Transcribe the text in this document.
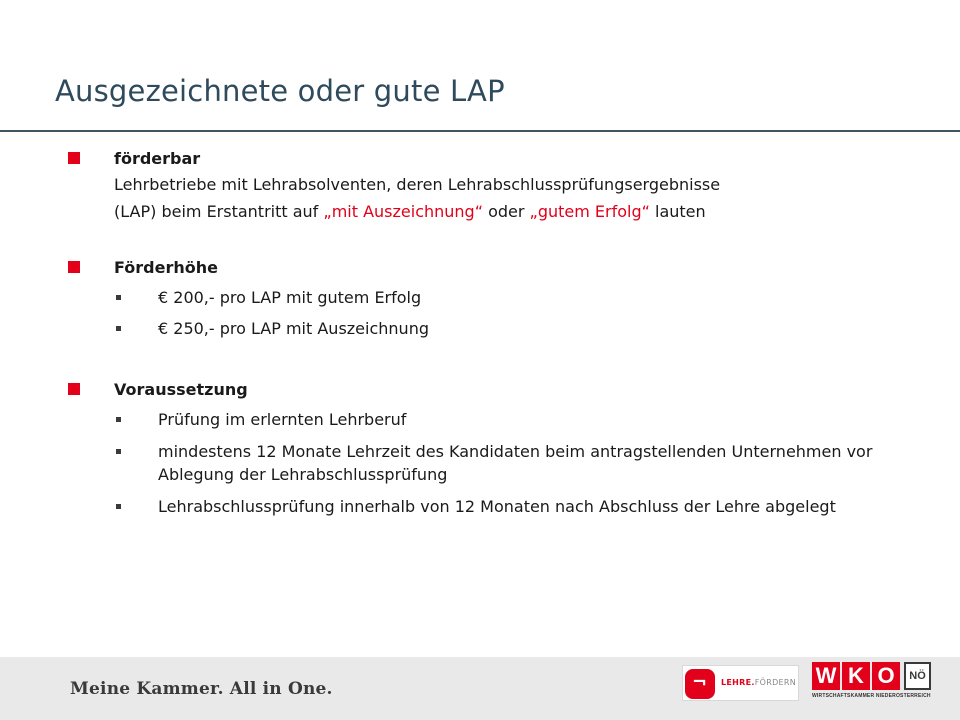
Ausgezeichnete oder gute LAP
förderbar
Lehrbetriebe mit Lehrabsolventen, deren Lehrabschlussprüfungsergebnisse
(LAP) beim Erstantritt auf „mit Auszeichnung“ oder „gutem Erfolg“ lauten
Förderhöhe
€ 200,- pro LAP mit gutem Erfolg
€ 250,- pro LAP mit Auszeichnung
Voraussetzung
Prüfung im erlernten Lehrberuf
mindestens 12 Monate Lehrzeit des Kandidaten beim antragstellenden Unternehmen vor Ablegung der Lehrabschlussprüfung
Lehrabschlussprüfung innerhalb von 12 Monaten nach Abschluss der Lehre abgelegt
Meine Kammer. All in One.	¬ LEHRE.FÖRDERN W K O	NÖ
WIRTSCHAFTSKAMMER NIEDERÖSTERREICH
